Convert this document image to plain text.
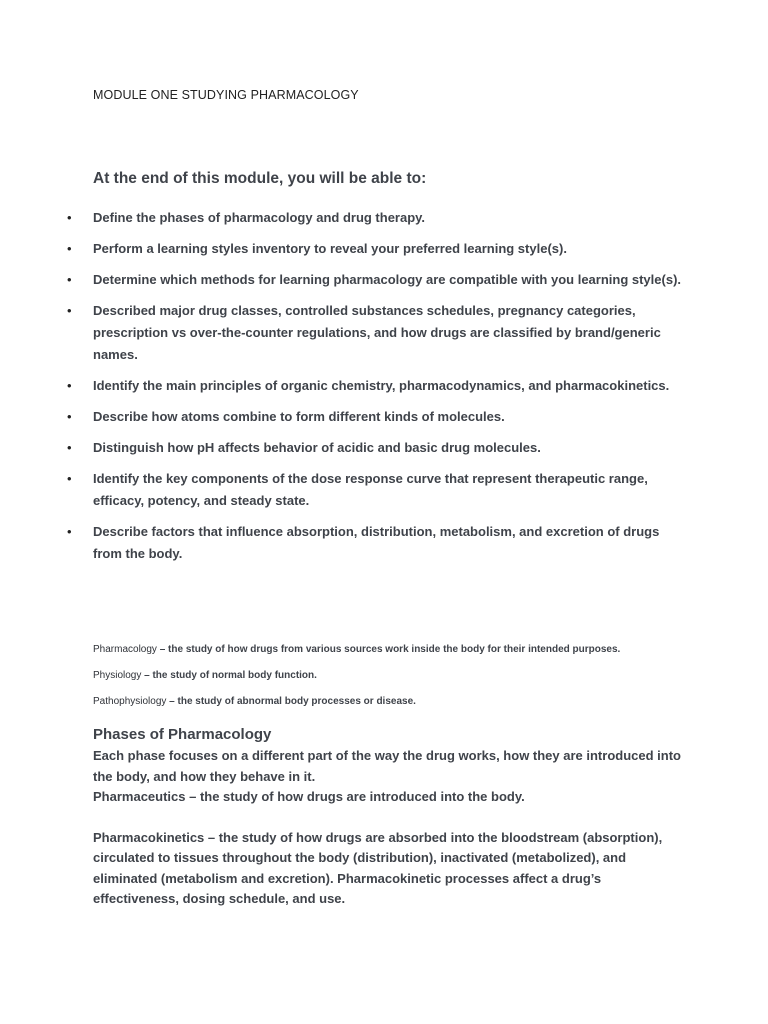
MODULE ONE STUDYING PHARMACOLOGY

At the end of this module, you will be able to:
• Define the phases of pharmacology and drug therapy.
• Perform a learning styles inventory to reveal your preferred learning style(s).
• Determine which methods for learning pharmacology are compatible with you learning style(s).
• Described major drug classes, controlled substances schedules, pregnancy categories, prescription vs over-the-counter regulations, and how drugs are classified by brand/generic names.
• Identify the main principles of organic chemistry, pharmacodynamics, and pharmacokinetics.
• Describe how atoms combine to form different kinds of molecules.
• Distinguish how pH affects behavior of acidic and basic drug molecules.
• Identify the key components of the dose response curve that represent therapeutic range, efficacy, potency, and steady state.
• Describe factors that influence absorption, distribution, metabolism, and excretion of drugs from the body.

Pharmacology – the study of how drugs from various sources work inside the body for their intended purposes.

Physiology – the study of normal body function.

Pathophysiology – the study of abnormal body processes or disease.

Phases of Pharmacology

Each phase focuses on a different part of the way the drug works, how they are introduced into the body, and how they behave in it.

Pharmaceutics – the study of how drugs are introduced into the body.

Pharmacokinetics – the study of how drugs are absorbed into the bloodstream (absorption), circulated to tissues throughout the body (distribution), inactivated (metabolized), and eliminated (metabolism and excretion). Pharmacokinetic processes affect a drug’s effectiveness, dosing schedule, and use.
